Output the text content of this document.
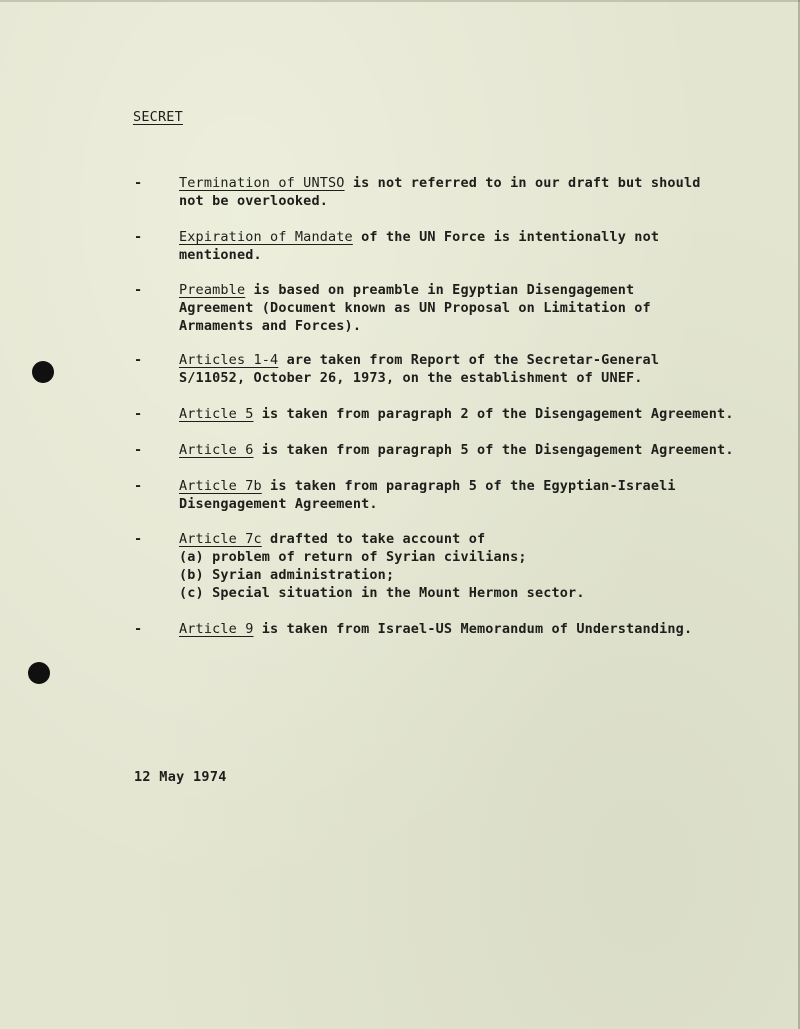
SECRET
-	Termination of UNTSO is not referred to in our draft but should
not be overlooked.
-	Expiration of Mandate of the UN Force is intentionally not
mentioned.
-	Preamble is based on preamble in Egyptian Disengagement
Agreement (Document known as UN Proposal on Limitation of
Armaments and Forces).
-	Articles 1-4 are taken from Report of the Secretar-General
S/11052, October 26, 1973, on the establishment of UNEF.
-	Article 5 is taken from paragraph 2 of the Disengagement Agreement.
-	Article 6 is taken from paragraph 5 of the Disengagement Agreement.
-	Article 7b is taken from paragraph 5 of the Egyptian-Israeli
Disengagement Agreement.
-	Article 7c drafted to take account of

(a) problem of return of Syrian civilians;
(b) Syrian administration;
(c) Special situation in the Mount Hermon sector.
-	Article 9 is taken from Israel-US Memorandum of Understanding.
12 May 1974
